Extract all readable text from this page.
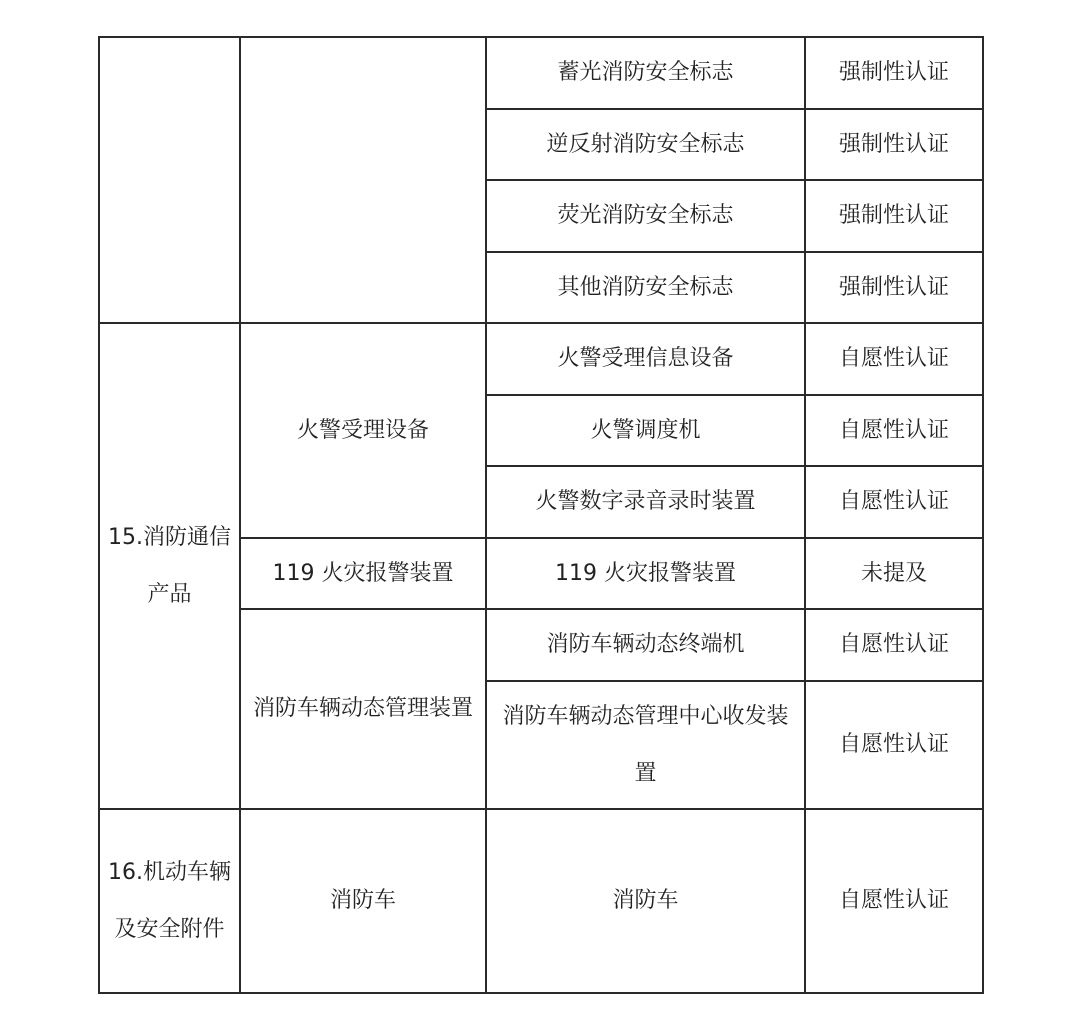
		蓄光消防安全标志	强制性认证
		逆反射消防安全标志	强制性认证
		荧光消防安全标志	强制性认证
		其他消防安全标志	强制性认证
15.消防通信产品	火警受理设备	火警受理信息设备	自愿性认证
		火警调度机	自愿性认证
		火警数字录音录时装置	自愿性认证
	119 火灾报警装置	119 火灾报警装置	未提及
	消防车辆动态管理装置	消防车辆动态终端机	自愿性认证
		消防车辆动态管理中心收发装置	自愿性认证
16.机动车辆及安全附件	消防车	消防车	自愿性认证
